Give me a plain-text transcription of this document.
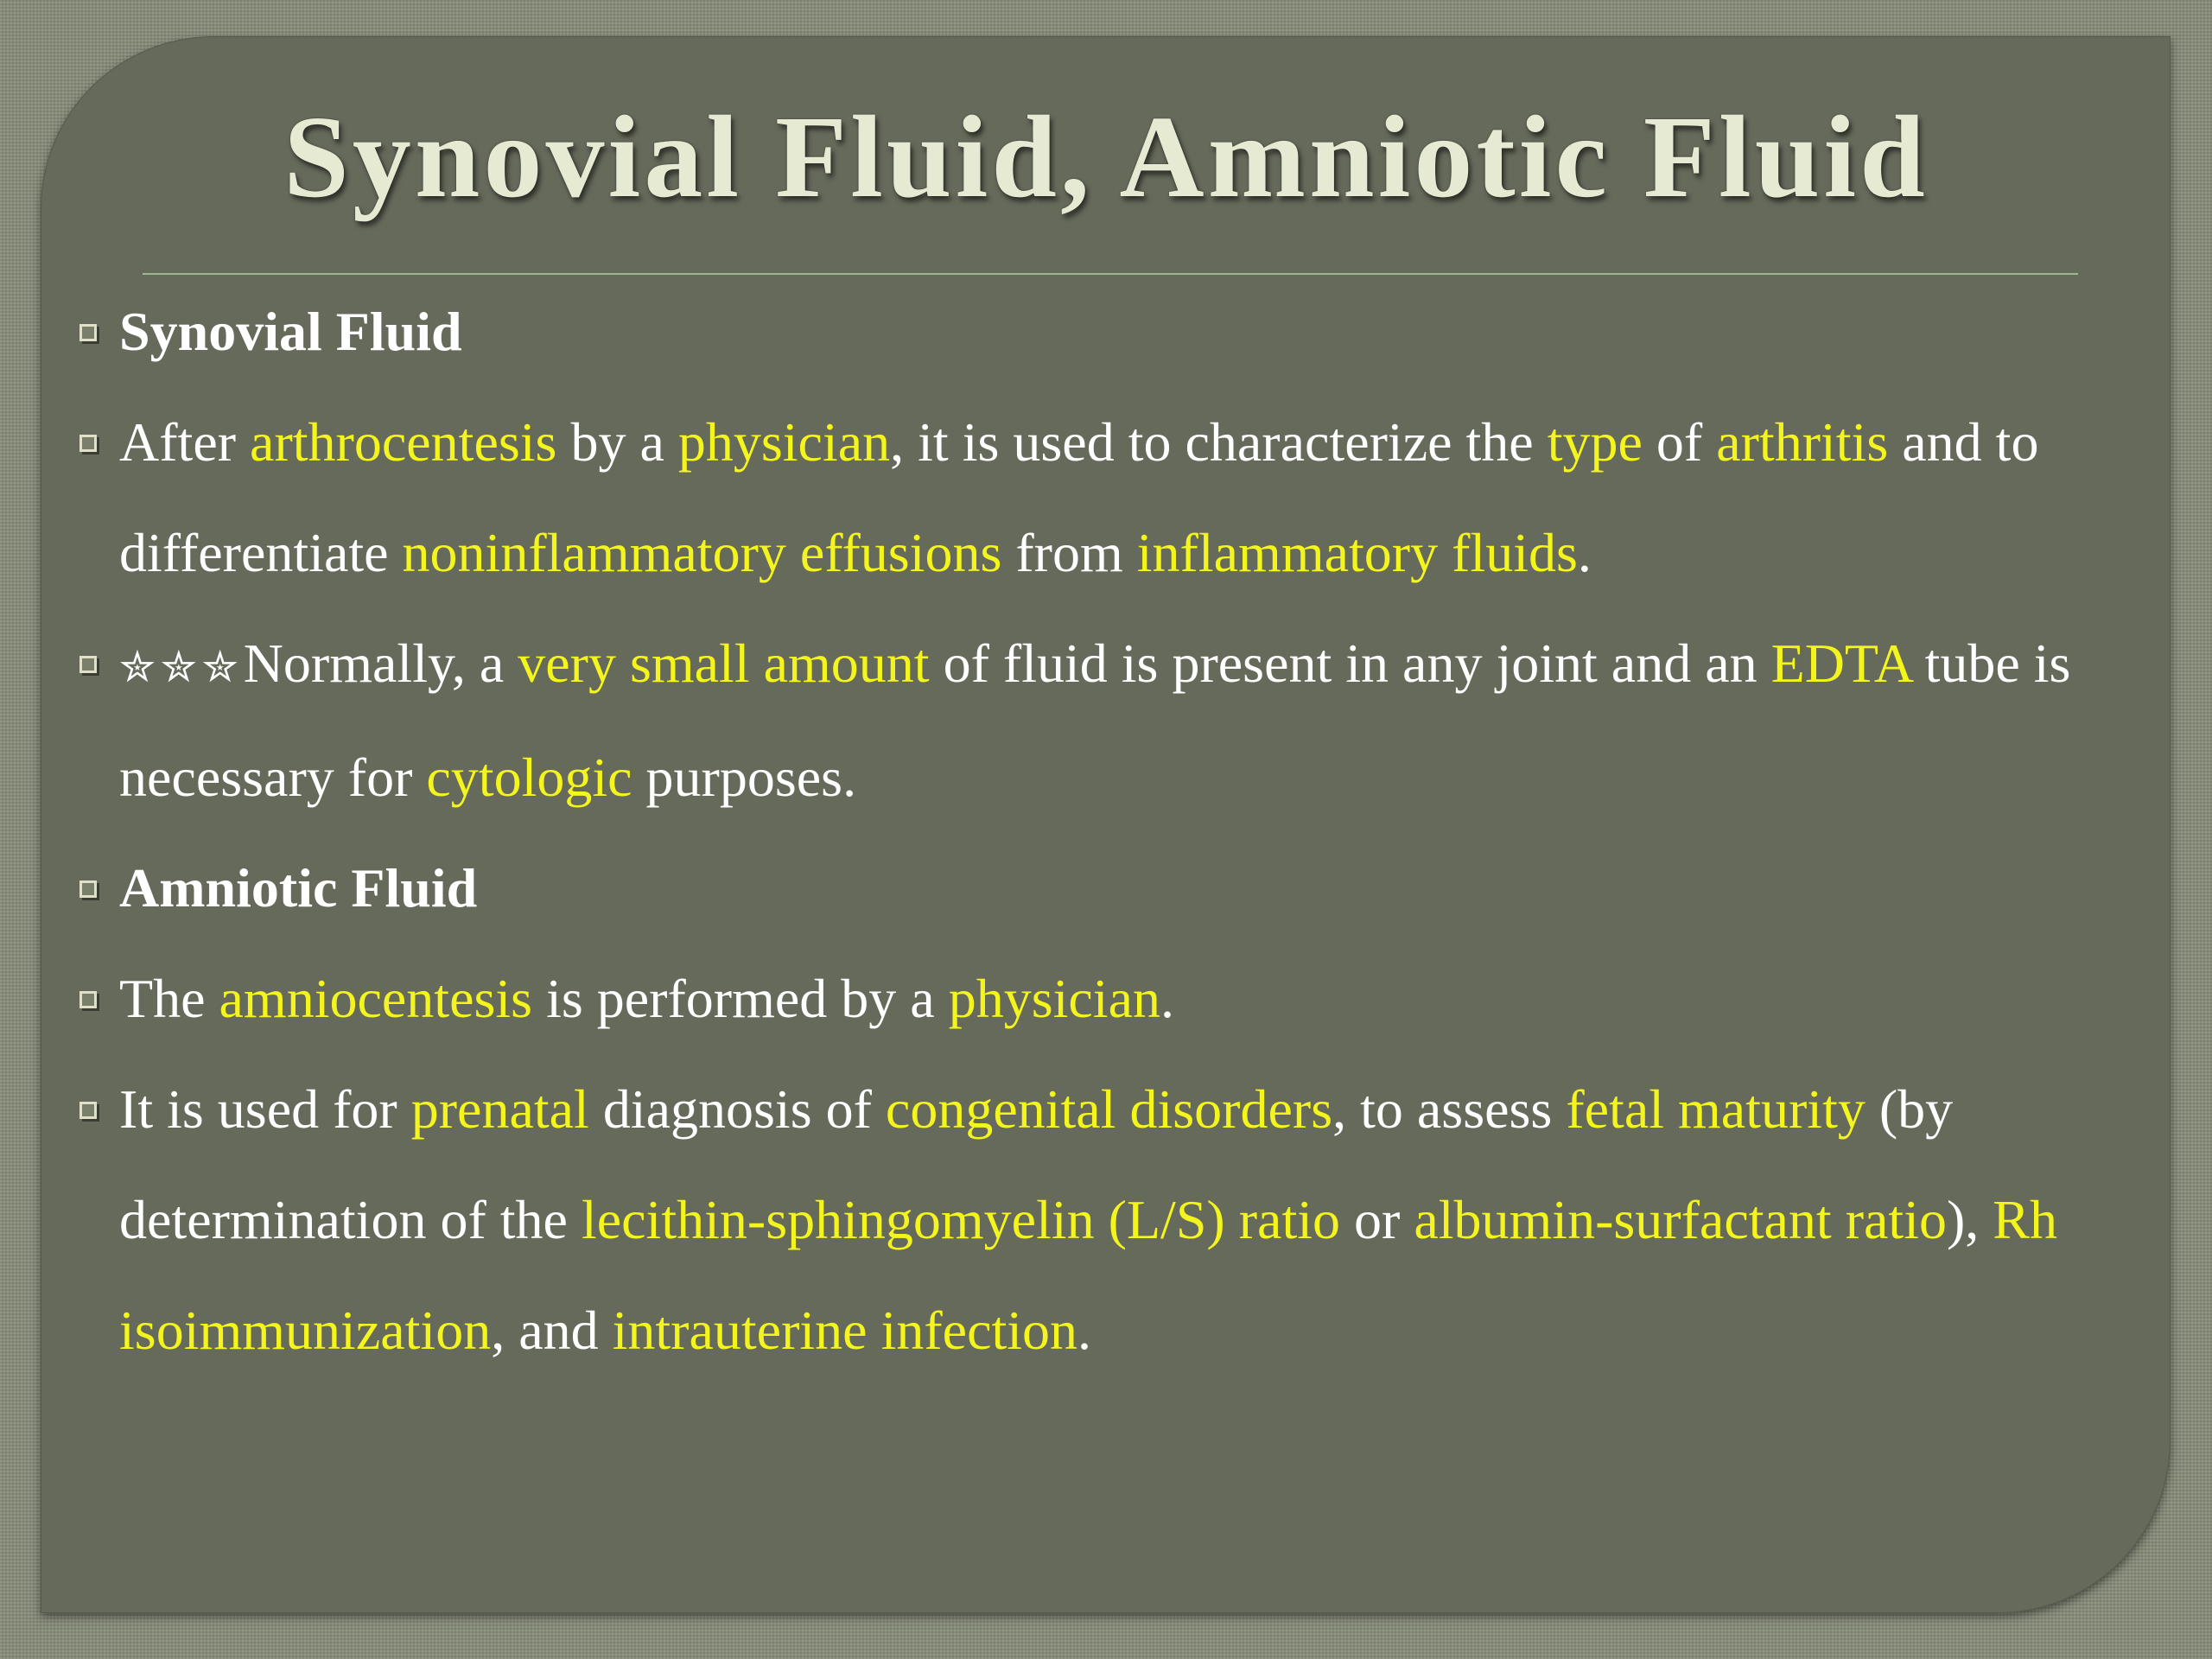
Synovial Fluid, Amniotic Fluid
Synovial Fluid
After arthrocentesis by a physician, it is used to characterize the type of arthritis and to differentiate noninflammatory effusions from inflammatory fluids.
✮✮✮Normally, a very small amount of fluid is present in any joint and an EDTA tube is necessary for cytologic purposes.
Amniotic Fluid
The amniocentesis is performed by a physician.
It is used for prenatal diagnosis of congenital disorders, to assess fetal maturity (by determination of the lecithin-sphingomyelin (L/S) ratio or albumin-surfactant ratio), Rh isoimmunization, and intrauterine infection.
